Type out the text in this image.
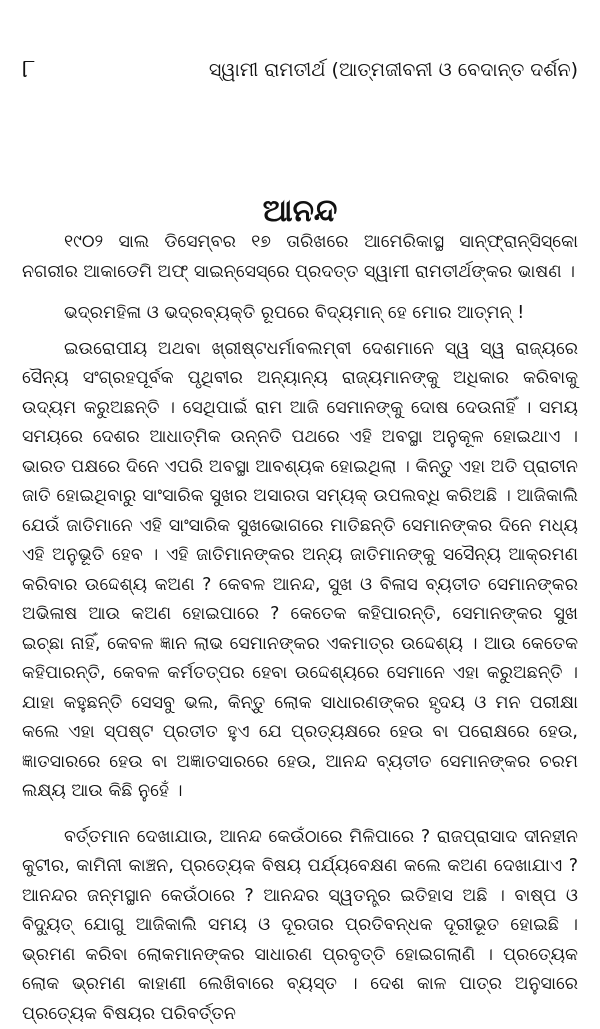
୮	ସ୍ୱାମୀ ରାମତୀର୍ଥ (ଆତ୍ମଜୀବନୀ ଓ ବେଦାନ୍ତ ଦର୍ଶନ)
ଆନନ୍ଦ

୧୯୦୨ ସାଲ ଡିସେମ୍ବର ୧୭ ତାରିଖରେ ଆମେରିକାସ୍ଥ ସାନ୍‌ଫ୍ରାନ୍‌ସିସ୍କୋ ନଗରୀର ଆକାଡେମି ଅଫ୍ ସାଇନ୍‌ସେସ୍‌ରେ ପ୍ରଦତ୍ତ ସ୍ୱାମୀ ରାମତୀର୍ଥଙ୍କର ଭାଷଣ ।

ଭଦ୍ରମହିଳା ଓ ଭଦ୍ରବ୍ୟକ୍ତି ରୂପରେ ବିଦ୍ୟମାନ୍ ହେ ମୋର ଆତ୍ମନ୍ !

ଇଉରୋପୀୟ ଅଥବା ଖ୍ରୀଷ୍ଟଧର୍ମାବଲମ୍ବୀ ଦେଶମାନେ ସ୍ୱ ସ୍ୱ ରାଜ୍ୟରେ ସୈନ୍ୟ ସଂଗ୍ରହପୂର୍ବକ ପୃଥିବୀର ଅନ୍ୟାନ୍ୟ ରାଜ୍ୟମାନଙ୍କୁ ଅଧିକାର କରିବାକୁ ଉଦ୍ୟମ କରୁଅଛନ୍ତି । ସେଥିପାଇଁ ରାମ ଆଜି ସେମାନଙ୍କୁ ଦୋଷ ଦେଉନାହିଁ । ସମୟ ସମୟରେ ଦେଶର ଆଧାତ୍ମିକ ଉନ୍ନତି ପଥରେ ଏହି ଅବସ୍ଥା ଅନୁକୂଳ ହୋଇଥାଏ । ଭାରତ ପକ୍ଷରେ ଦିନେ ଏପରି ଅବସ୍ଥା ଆବଶ୍ୟକ ହୋଇଥିଲା । କିନ୍ତୁ ଏହା ଅତି ପ୍ରାଚୀନ ଜାତି ହୋଇଥିବାରୁ ସାଂସାରିକ ସୁଖର ଅସାରତା ସମ୍ୟକ୍ ଉପଲବ୍ଧି କରିଅଛି । ଆଜିକାଲି ଯେଉଁ ଜାତିମାନେ ଏହି ସାଂସାରିକ ସୁଖଭୋଗରେ ମାତିଛନ୍ତି ସେମାନଙ୍କର ଦିନେ ମଧ୍ୟ ଏହି ଅନୁଭୂତି ହେବ । ଏହି ଜାତିମାନଙ୍କର ଅନ୍ୟ ଜାତିମାନଙ୍କୁ ସସୈନ୍ୟ ଆକ୍ରମଣ କରିବାର ଉଦ୍ଦେଶ୍ୟ କଅଣ ? କେବଳ ଆନନ୍ଦ, ସୁଖ ଓ ବିଳାସ ବ୍ୟତୀତ ସେମାନଙ୍କର ଅଭିଳାଷ ଆଉ କଅଣ ହୋଇପାରେ ? କେତେକ କହିପାରନ୍ତି, ସେମାନଙ୍କର ସୁଖ ଇଚ୍ଛା ନାହିଁ, କେବଳ ଜ୍ଞାନ ଲାଭ ସେମାନଙ୍କର ଏକମାତ୍ର ଉଦ୍ଦେଶ୍ୟ । ଆଉ କେତେକ କହିପାରନ୍ତି, କେବଳ କର୍ମତତ୍ପର ହେବା ଉଦ୍ଦେଶ୍ୟରେ ସେମାନେ ଏହା କରୁଅଛନ୍ତି । ଯାହା କହୁଛନ୍ତି ସେସବୁ ଭଲ, କିନ୍ତୁ ଲୋକ ସାଧାରଣଙ୍କର ହୃଦୟ ଓ ମନ ପରୀକ୍ଷା କଲେ ଏହା ସ୍ପଷ୍ଟ ପ୍ରତୀତ ହୁଏ ଯେ ପ୍ରତ୍ୟକ୍ଷରେ ହେଉ ବା ପରୋକ୍ଷରେ ହେଉ, ଜ୍ଞାତସାରରେ ହେଉ ବା ଅଜ୍ଞାତସାରରେ ହେଉ, ଆନନ୍ଦ ବ୍ୟତୀତ ସେମାନଙ୍କର ଚରମ ଲକ୍ଷ୍ୟ ଆଉ କିଛି ନୁହେଁ ।

ବର୍ତ୍ତମାନ ଦେଖାଯାଉ, ଆନନ୍ଦ କେଉଁଠାରେ ମିଳିପାରେ ? ରାଜପ୍ରାସାଦ ଦୀନହୀନ କୁଟୀର, କାମିନୀ କାଞ୍ଚନ, ପ୍ରତ୍ୟେକ ବିଷୟ ପର୍ଯ୍ୟବେକ୍ଷଣ କଲେ କଅଣ ଦେଖାଯାଏ ? ଆନନ୍ଦର ଜନ୍ମସ୍ଥାନ କେଉଁଠାରେ ? ଆନନ୍ଦର ସ୍ୱତନ୍ତ୍ର ଇତିହାସ ଅଛି । ବାଷ୍ପ ଓ ବିଦ୍ୟୁତ୍ ଯୋଗୁ ଆଜିକାଲି ସମୟ ଓ ଦୂରତାର ପ୍ରତିବନ୍ଧକ ଦୂରୀଭୂତ ହୋଇଛି । ଭ୍ରମଣ କରିବା ଲୋକମାନଙ୍କର ସାଧାରଣ ପ୍ରବୃତ୍ତି ହୋଇଗଲାଣି । ପ୍ରତ୍ୟେକ ଲୋକ ଭ୍ରମଣ କାହାଣୀ ଲେଖିବାରେ ବ୍ୟସ୍ତ । ଦେଶ କାଳ ପାତ୍ର ଅନୁସାରେ ପ୍ରତ୍ୟେକ ବିଷୟର ପରିବର୍ତ୍ତନ
